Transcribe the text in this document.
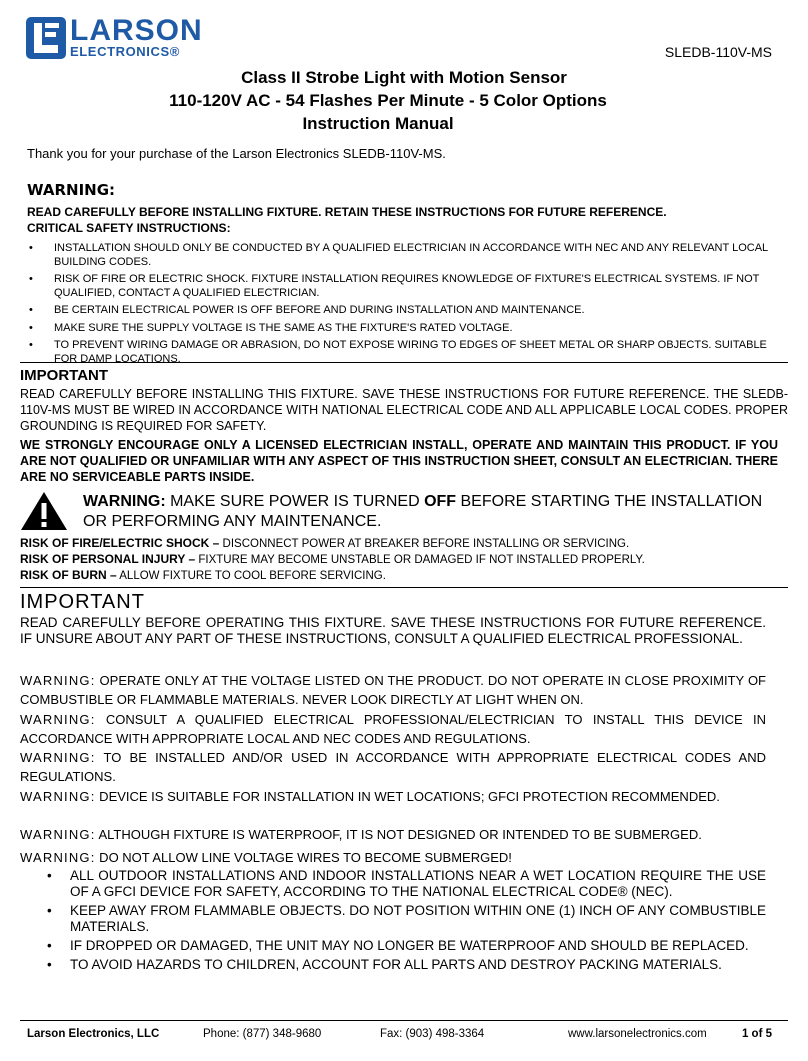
LARSON
ELECTRONICS®	SLEDB-110V-MS
Class II Strobe Light with Motion Sensor
110-120V AC - 54 Flashes Per Minute - 5 Color Options
Instruction Manual
Thank you for your purchase of the Larson Electronics SLEDB-110V-MS.
WARNING:
READ CAREFULLY BEFORE INSTALLING FIXTURE. RETAIN THESE INSTRUCTIONS FOR FUTURE REFERENCE.
CRITICAL SAFETY INSTRUCTIONS:
• INSTALLATION SHOULD ONLY BE CONDUCTED BY A QUALIFIED ELECTRICIAN IN ACCORDANCE WITH NEC AND ANY RELEVANT LOCAL BUILDING CODES.
• RISK OF FIRE OR ELECTRIC SHOCK. FIXTURE INSTALLATION REQUIRES KNOWLEDGE OF FIXTURE'S ELECTRICAL SYSTEMS. IF NOT QUALIFIED, CONTACT A QUALIFIED ELECTRICIAN.
• BE CERTAIN ELECTRICAL POWER IS OFF BEFORE AND DURING INSTALLATION AND MAINTENANCE.
• MAKE SURE THE SUPPLY VOLTAGE IS THE SAME AS THE FIXTURE'S RATED VOLTAGE.
• TO PREVENT WIRING DAMAGE OR ABRASION, DO NOT EXPOSE WIRING TO EDGES OF SHEET METAL OR SHARP OBJECTS. SUITABLE FOR DAMP LOCATIONS.
IMPORTANT
READ CAREFULLY BEFORE INSTALLING THIS FIXTURE. SAVE THESE INSTRUCTIONS FOR FUTURE REFERENCE. THE SLEDB-110V-MS MUST BE WIRED IN ACCORDANCE WITH NATIONAL ELECTRICAL CODE AND ALL APPLICABLE LOCAL CODES. PROPER GROUNDING IS REQUIRED FOR SAFETY.
WE STRONGLY ENCOURAGE ONLY A LICENSED ELECTRICIAN INSTALL, OPERATE AND MAINTAIN THIS PRODUCT. IF YOU ARE NOT QUALIFIED OR UNFAMILIAR WITH ANY ASPECT OF THIS INSTRUCTION SHEET, CONSULT AN ELECTRICIAN. THERE ARE NO SERVICEABLE PARTS INSIDE.
WARNING: MAKE SURE POWER IS TURNED OFF BEFORE STARTING THE INSTALLATION OR PERFORMING ANY MAINTENANCE.
RISK OF FIRE/ELECTRIC SHOCK – DISCONNECT POWER AT BREAKER BEFORE INSTALLING OR SERVICING.
RISK OF PERSONAL INJURY – FIXTURE MAY BECOME UNSTABLE OR DAMAGED IF NOT INSTALLED PROPERLY.
RISK OF BURN – ALLOW FIXTURE TO COOL BEFORE SERVICING.
IMPORTANT
READ CAREFULLY BEFORE OPERATING THIS FIXTURE. SAVE THESE INSTRUCTIONS FOR FUTURE REFERENCE. IF UNSURE ABOUT ANY PART OF THESE INSTRUCTIONS, CONSULT A QUALIFIED ELECTRICAL PROFESSIONAL.
WARNING: OPERATE ONLY AT THE VOLTAGE LISTED ON THE PRODUCT. DO NOT OPERATE IN CLOSE PROXIMITY OF COMBUSTIBLE OR FLAMMABLE MATERIALS. NEVER LOOK DIRECTLY AT LIGHT WHEN ON.
WARNING: CONSULT A QUALIFIED ELECTRICAL PROFESSIONAL/ELECTRICIAN TO INSTALL THIS DEVICE IN ACCORDANCE WITH APPROPRIATE LOCAL AND NEC CODES AND REGULATIONS.
WARNING: TO BE INSTALLED AND/OR USED IN ACCORDANCE WITH APPROPRIATE ELECTRICAL CODES AND REGULATIONS.
WARNING: DEVICE IS SUITABLE FOR INSTALLATION IN WET LOCATIONS; GFCI PROTECTION RECOMMENDED.
WARNING: ALTHOUGH FIXTURE IS WATERPROOF, IT IS NOT DESIGNED OR INTENDED TO BE SUBMERGED.
WARNING: DO NOT ALLOW LINE VOLTAGE WIRES TO BECOME SUBMERGED!
• ALL OUTDOOR INSTALLATIONS AND INDOOR INSTALLATIONS NEAR A WET LOCATION REQUIRE THE USE OF A GFCI DEVICE FOR SAFETY, ACCORDING TO THE NATIONAL ELECTRICAL CODE® (NEC).
• KEEP AWAY FROM FLAMMABLE OBJECTS. DO NOT POSITION WITHIN ONE (1) INCH OF ANY COMBUSTIBLE MATERIALS.
• IF DROPPED OR DAMAGED, THE UNIT MAY NO LONGER BE WATERPROOF AND SHOULD BE REPLACED.
• TO AVOID HAZARDS TO CHILDREN, ACCOUNT FOR ALL PARTS AND DESTROY PACKING MATERIALS.
Larson Electronics, LLC	Phone: (877) 348-9680	Fax: (903) 498-3364	www.larsonelectronics.com	1 of 5
